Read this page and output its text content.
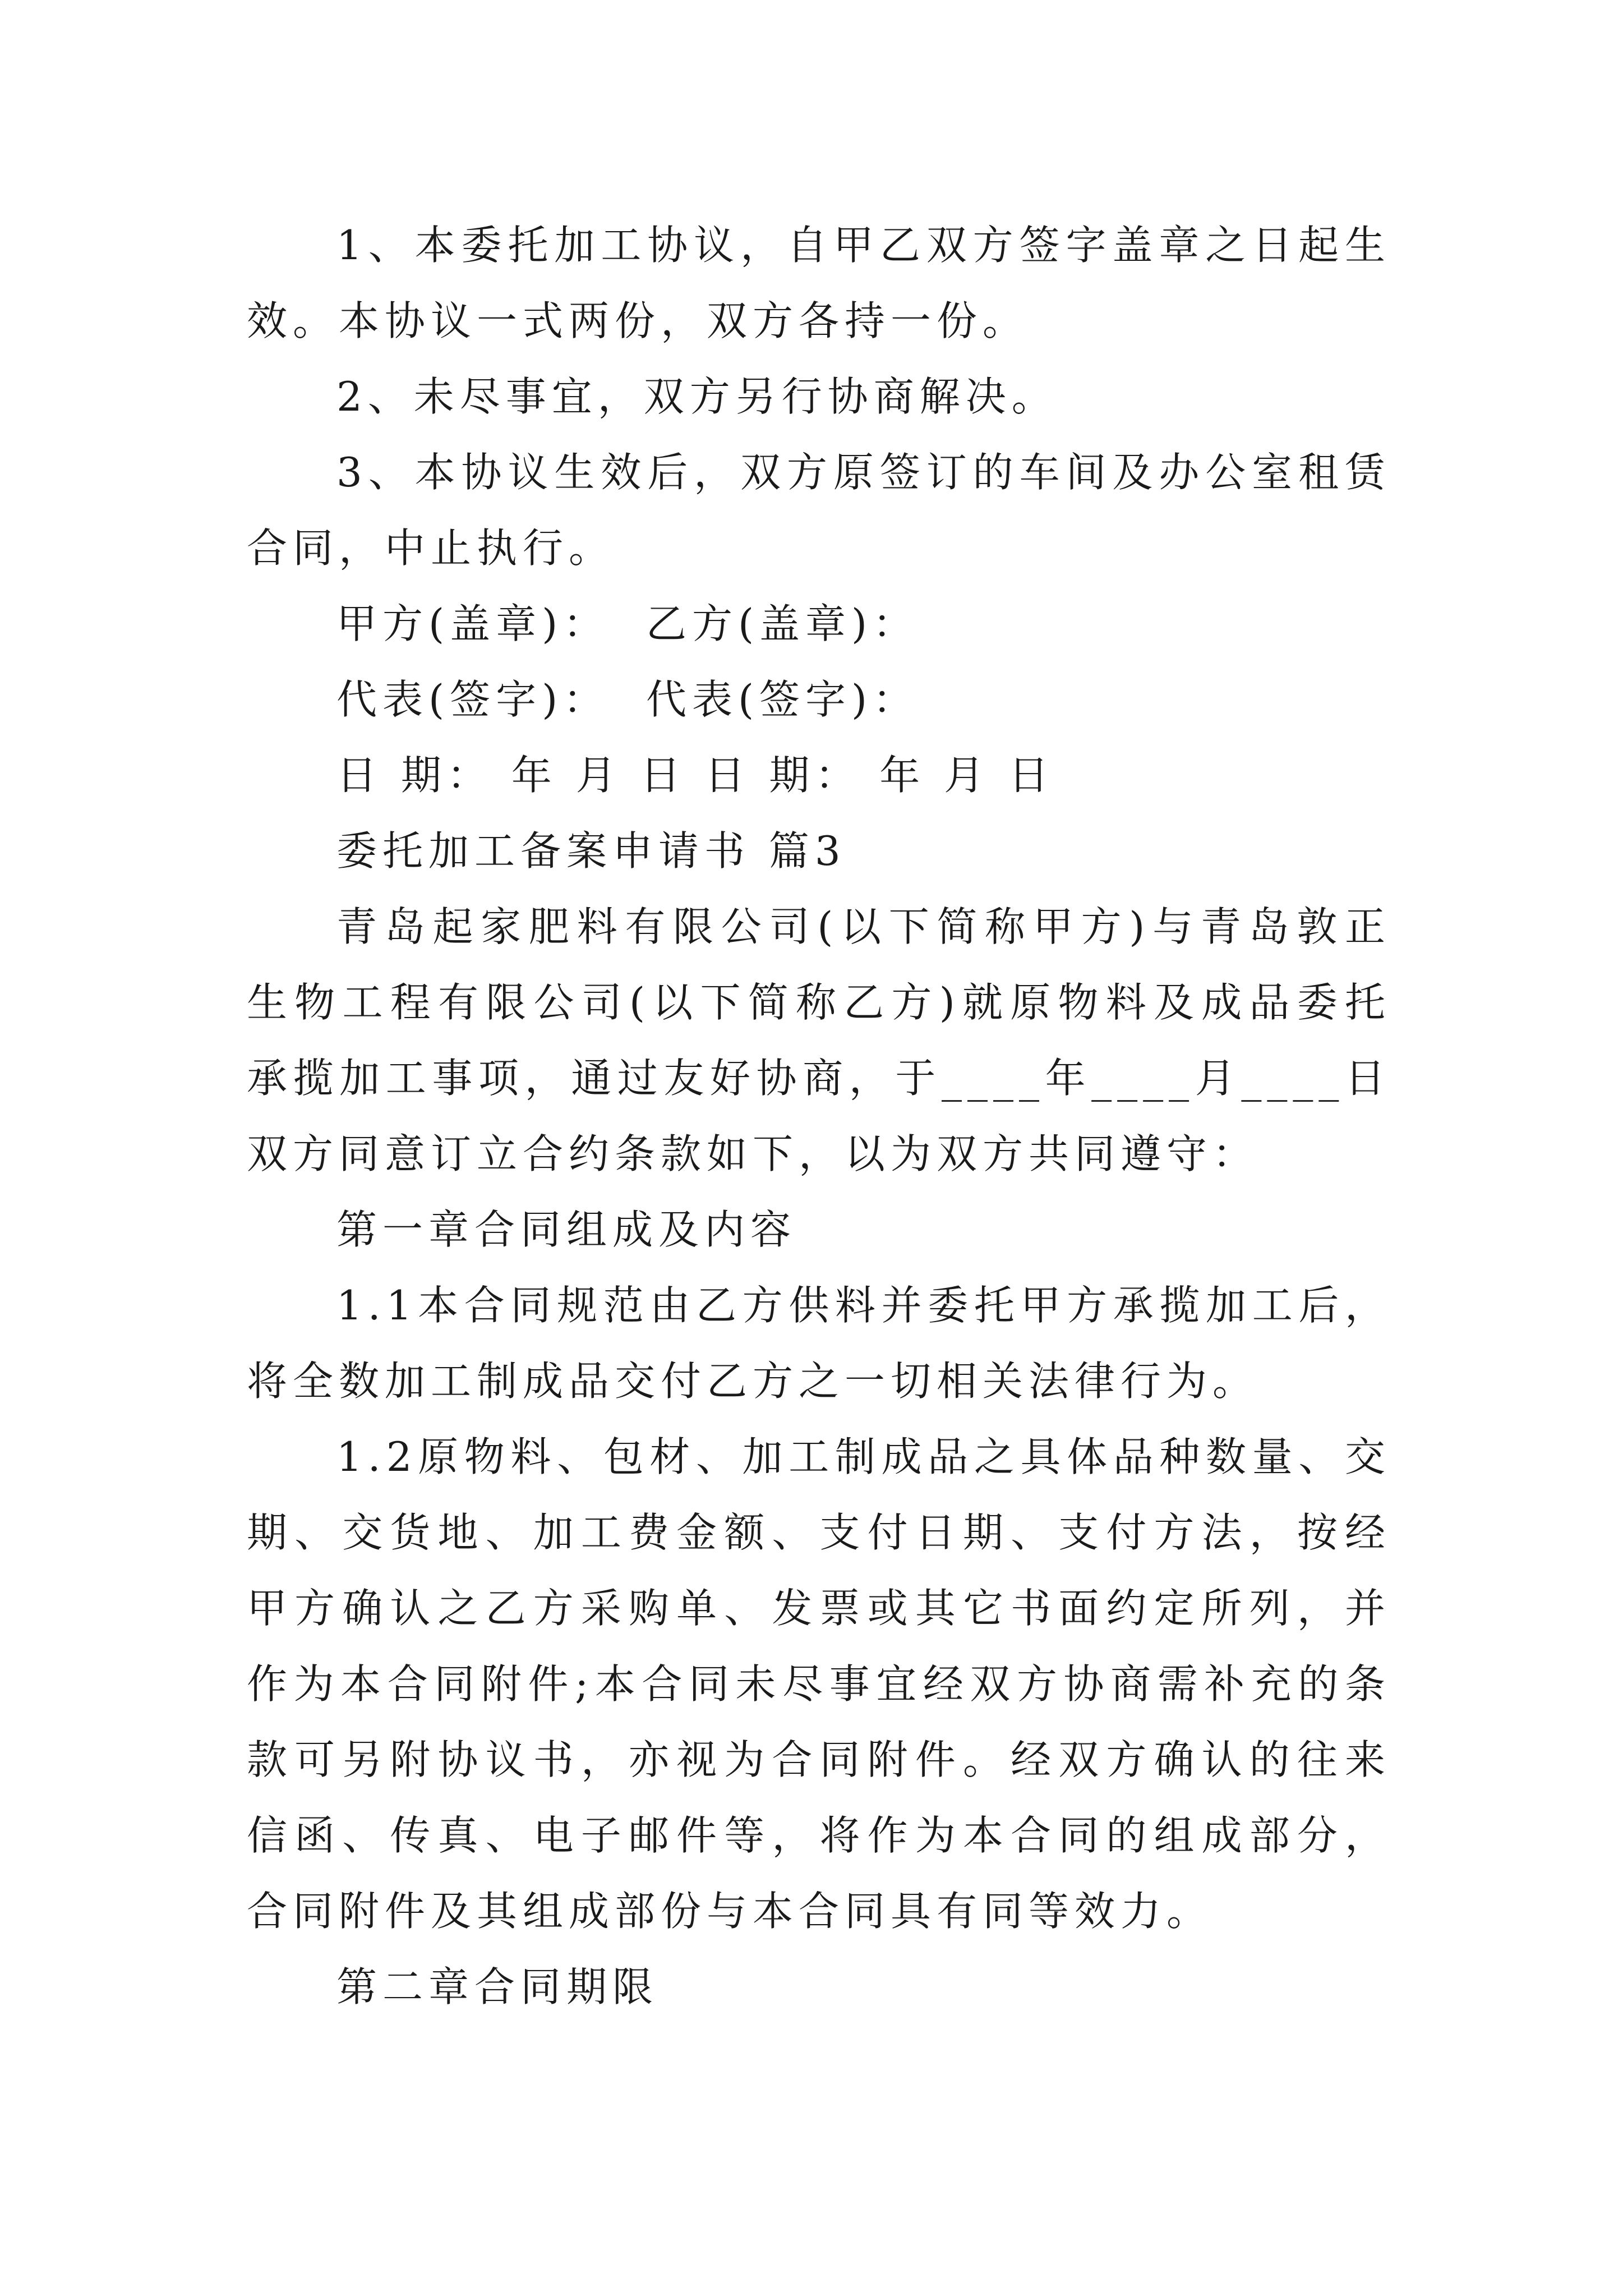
1、本委托加工协议，自甲乙双方签字盖章之日起生效。本协议一式两份，双方各持一份。

2、未尽事宜，双方另行协商解决。

3、本协议生效后，双方原签订的车间及办公室租赁合同，中止执行。

甲方(盖章)：  乙方(盖章)：

代表(签字)：  代表(签字)：

日 期： 年 月 日 日 期： 年 月 日

委托加工备案申请书 篇3

青岛起家肥料有限公司(以下简称甲方)与青岛敦正生物工程有限公司(以下简称乙方)就原物料及成品委托承揽加工事项，通过友好协商，于____年____月____日双方同意订立合约条款如下，以为双方共同遵守：

第一章合同组成及内容

1.1本合同规范由乙方供料并委托甲方承揽加工后，将全数加工制成品交付乙方之一切相关法律行为。

1.2原物料、包材、加工制成品之具体品种数量、交期、交货地、加工费金额、支付日期、支付方法，按经甲方确认之乙方采购单、发票或其它书面约定所列，并作为本合同附件;本合同未尽事宜经双方协商需补充的条款可另附协议书，亦视为合同附件。经双方确认的往来信函、传真、电子邮件等，将作为本合同的组成部分，合同附件及其组成部份与本合同具有同等效力。

第二章合同期限
